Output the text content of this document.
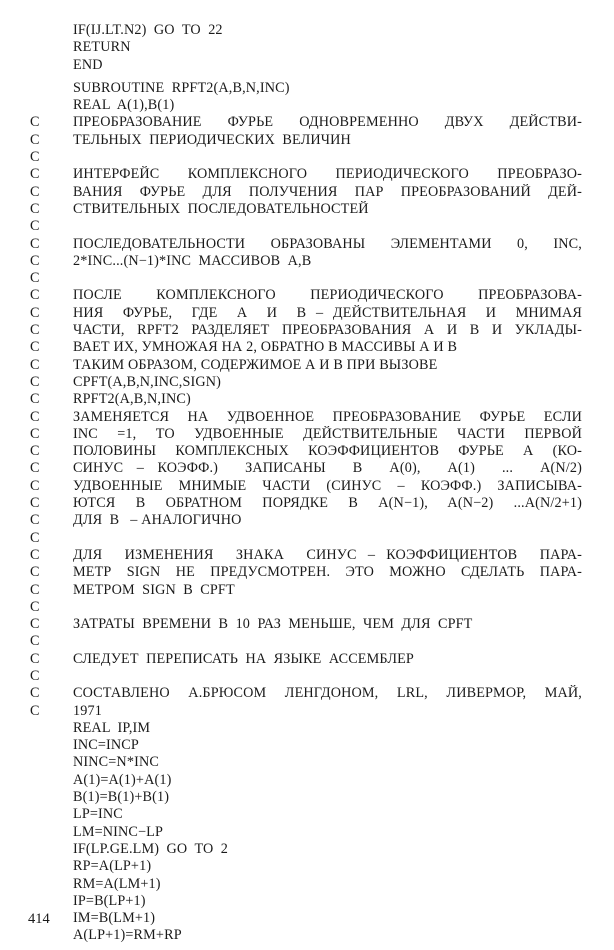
IF(IJ.LT.N2)  GO  TO  22
RETURN
END
SUBROUTINE  RPFT2(A,B,N,INC)
REAL  A(1),B(1)
C	ПРЕОБРАЗОВАНИЕ  ФУРЬЕ  ОДНОВРЕМЕННО  ДВУХ  ДЕЙСТВИ-
C	ТЕЛЬНЫХ  ПЕРИОДИЧЕСКИХ  ВЕЛИЧИН
C
C	ИНТЕРФЕЙС КОМПЛЕКСНОГО ПЕРИОДИЧЕСКОГО ПРЕОБРАЗО-
C	ВАНИЯ ФУРЬЕ ДЛЯ ПОЛУЧЕНИЯ ПАР ПРЕОБРАЗОВАНИЙ ДЕЙ-
C	СТВИТЕЛЬНЫХ  ПОСЛЕДОВАТЕЛЬНОСТЕЙ
C
C	ПОСЛЕДОВАТЕЛЬНОСТИ  ОБРАЗОВАНЫ  ЭЛЕМЕНТАМИ  0,  INC,
C	2*INC...(N−1)*INC  МАССИВОВ  А,В
C
C	ПОСЛЕ  КОМПЛЕКСНОГО  ПЕРИОДИЧЕСКОГО  ПРЕОБРАЗОВА-
C	НИЯ  ФУРЬЕ,  ГДЕ  А  И  В – ДЕЙСТВИТЕЛЬНАЯ  И  МНИМАЯ
C	ЧАСТИ, RPFT2 РАЗДЕЛЯЕТ ПРЕОБРАЗОВАНИЯ А И В И УКЛАДЫ-
C	ВАЕТ ИХ, УМНОЖАЯ НА 2, ОБРАТНО В МАССИВЫ А И В
C	ТАКИМ ОБРАЗОМ, СОДЕРЖИМОЕ А И В ПРИ ВЫЗОВЕ
C	CPFT(A,B,N,INC,SIGN)
C	RPFT2(A,B,N,INC)
C	ЗАМЕНЯЕТСЯ НА УДВОЕННОЕ ПРЕОБРАЗОВАНИЕ ФУРЬЕ ЕСЛИ
C	INC =1, ТО УДВОЕННЫЕ ДЕЙСТВИТЕЛЬНЫЕ ЧАСТИ ПЕРВОЙ
C	ПОЛОВИНЫ  КОМПЛЕКСНЫХ  КОЭФФИЦИЕНТОВ  ФУРЬЕ  А  (КО-
C	СИНУС – КОЭФФ.)  ЗАПИСАНЫ  В  А(0),  А(1)  ...  A(N/2)
C	УДВОЕННЫЕ МНИМЫЕ ЧАСТИ (СИНУС – КОЭФФ.) ЗАПИСЫВА-
C	ЮТСЯ  В  ОБРАТНОМ  ПОРЯДКЕ  В  A(N−1),  A(N−2)  ...A(N/2+1)
C	ДЛЯ  В   – АНАЛОГИЧНО
C
C	ДЛЯ  ИЗМЕНЕНИЯ  ЗНАКА  СИНУС – КОЭФФИЦИЕНТОВ  ПАРА-
C	МЕТР SIGN НЕ ПРЕДУСМОТРЕН. ЭТО МОЖНО СДЕЛАТЬ ПАРА-
C	МЕТРОМ  SIGN  В  CPFT
C
C	ЗАТРАТЫ  ВРЕМЕНИ  В  10  РАЗ  МЕНЬШЕ,  ЧЕМ  ДЛЯ  CPFT
C
C	СЛЕДУЕТ  ПЕРЕПИСАТЬ  НА  ЯЗЫКЕ  АССЕМБЛЕР
C
C	СОСТАВЛЕНО  А.БРЮСОМ  ЛЕНГДОНОМ,  LRL,  ЛИВЕРМОР,  МАЙ,
C	1971
REAL  IP,IM
INC=INCP
NINC=N*INC
A(1)=A(1)+A(1)
B(1)=B(1)+B(1)
LP=INC
LM=NINC−LP
IF(LP.GE.LM)  GO  TO  2
RP=A(LP+1)
RM=A(LM+1)
IP=B(LP+1)
IM=B(LM+1)
A(LP+1)=RM+RP
414
